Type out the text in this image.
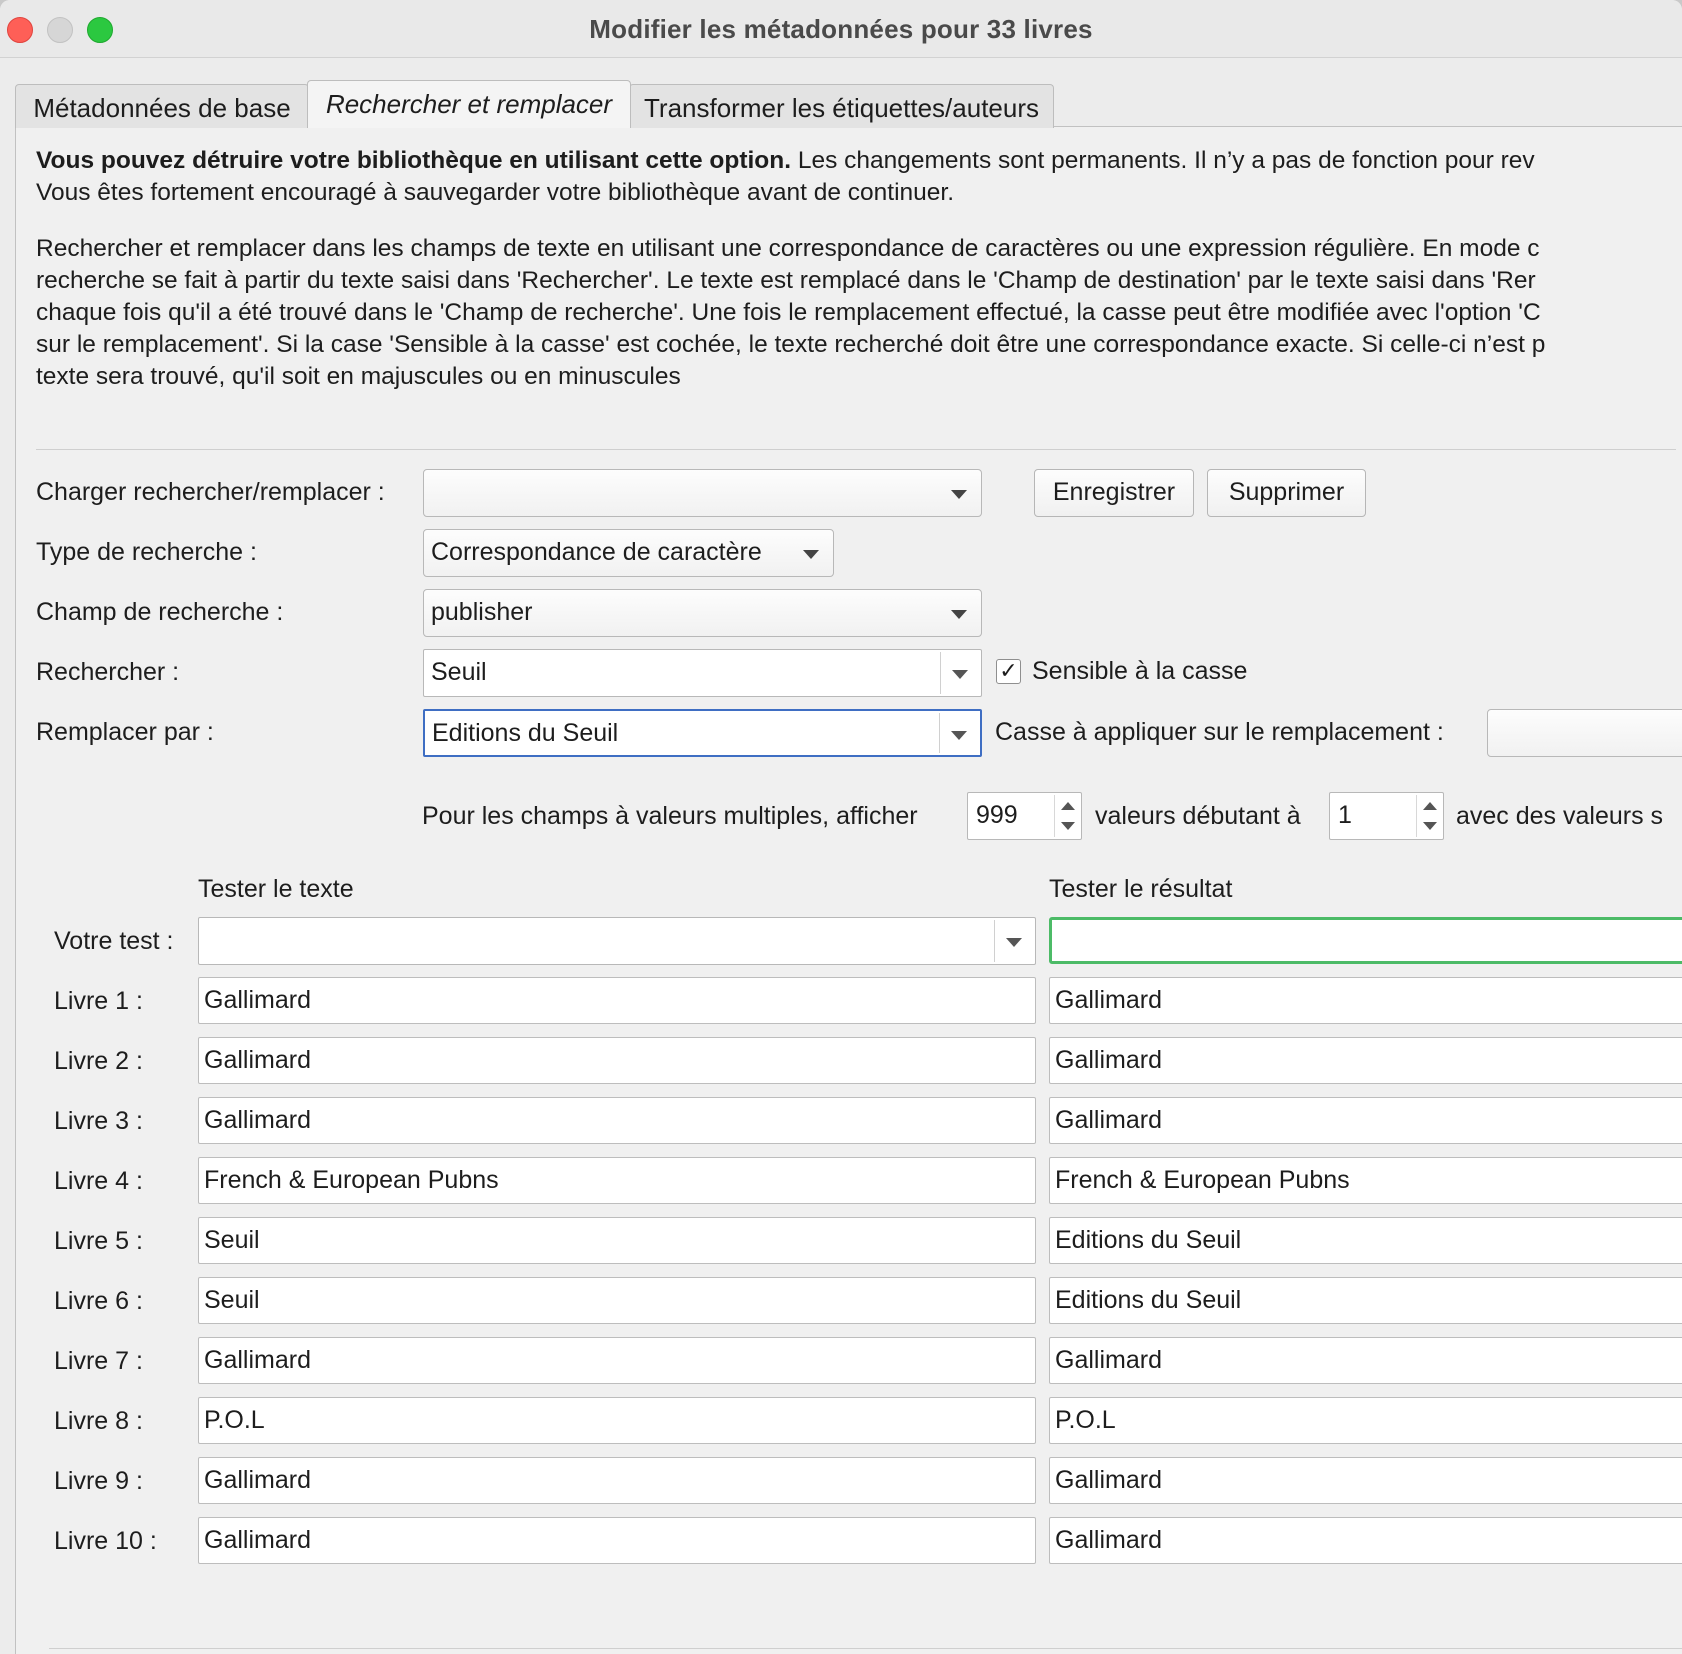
Modifier les métadonnées pour 33 livres
Métadonnées de base	Rechercher et remplacer	Transformer les étiquettes/auteurs

Vous pouvez détruire votre bibliothèque en utilisant cette option. Les changements sont permanents. Il n’y a pas de fonction pour rev

Vous êtes fortement encouragé à sauvegarder votre bibliothèque avant de continuer.

Rechercher et remplacer dans les champs de texte en utilisant une correspondance de caractères ou une expression régulière. En mode c

recherche se fait à partir du texte saisi dans 'Rechercher'. Le texte est remplacé dans le 'Champ de destination' par le texte saisi dans 'Rer

chaque fois qu'il a été trouvé dans le 'Champ de recherche'. Une fois le remplacement effectué, la casse peut être modifiée avec l'option 'C

sur le remplacement'. Si la case 'Sensible à la casse' est cochée, le texte recherché doit être une correspondance exacte. Si celle-ci n’est p

texte sera trouvé, qu'il soit en majuscules ou en minuscules

Charger rechercher/remplacer :	Enregistrer	Supprimer
Type de recherche :	Correspondance de caractère
Champ de recherche :	publisher
Rechercher :	Seuil	✓ Sensible à la casse
Remplacer par :	Editions du Seuil	Casse à appliquer sur le remplacement :
Pour les champs à valeurs multiples, afficher	999	valeurs débutant à	1	avec des valeurs s
Tester le texte	Tester le résultat
Votre test :
Livre 1 : Gallimard	Gallimard
Livre 2 : Gallimard	Gallimard
Livre 3 : Gallimard	Gallimard
Livre 4 : French & European Pubns	French & European Pubns
Livre 5 : Seuil	Editions du Seuil
Livre 6 : Seuil	Editions du Seuil
Livre 7 : Gallimard	Gallimard
Livre 8 : P.O.L	P.O.L
Livre 9 : Gallimard	Gallimard
Livre 10 : Gallimard	Gallimard
